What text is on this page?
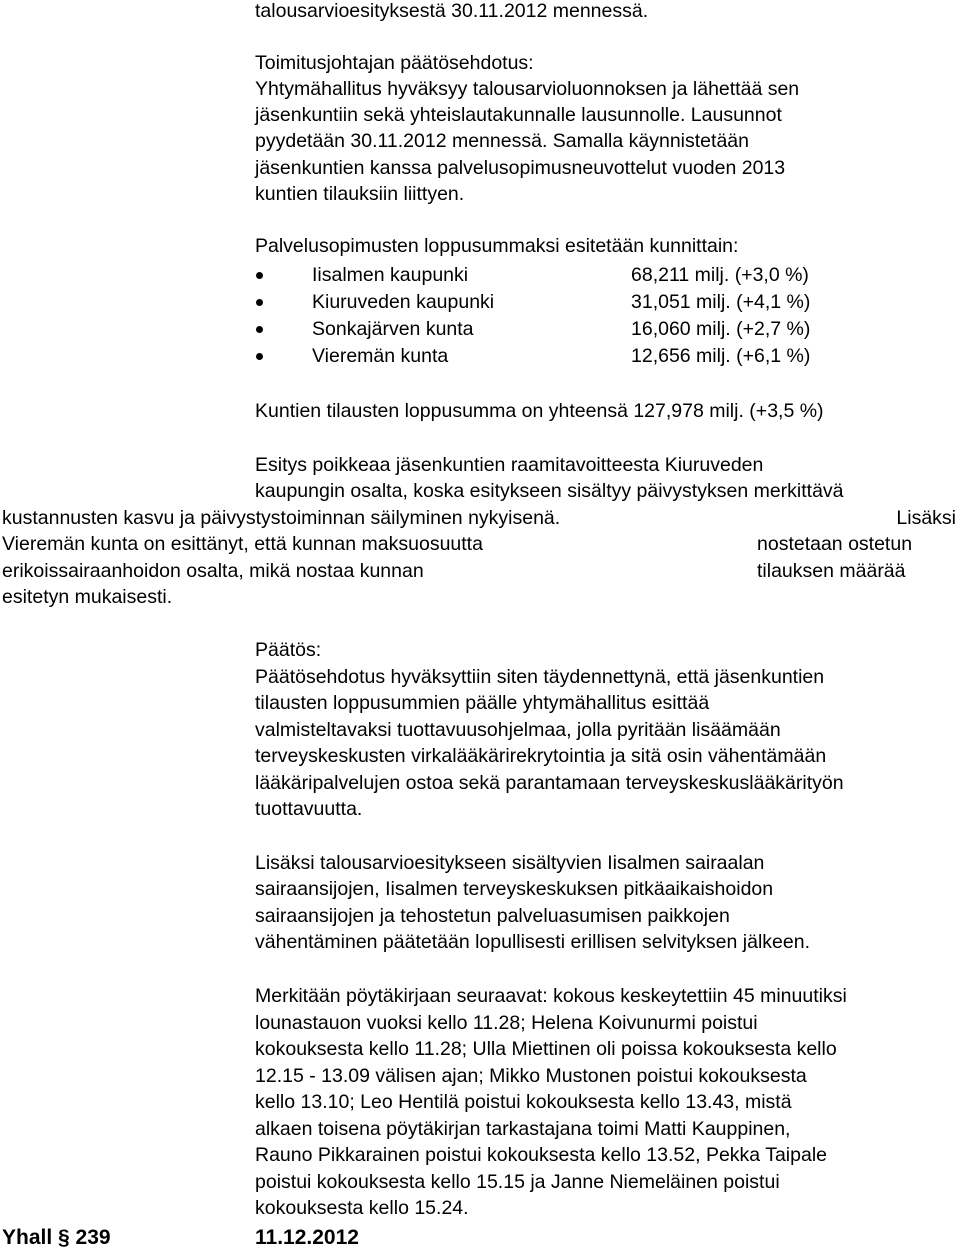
talousarvioesityksestä 30.11.2012 mennessä.
Toimitusjohtajan päätösehdotus:
Yhtymähallitus hyväksyy talousarvioluonnoksen ja lähettää sen
jäsenkuntiin sekä yhteislautakunnalle lausunnolle. Lausunnot
pyydetään 30.11.2012 mennessä. Samalla käynnistetään
jäsenkuntien kanssa palvelusopimusneuvottelut vuoden 2013
kuntien tilauksiin liittyen.
Palvelusopimusten loppusummaksi esitetään kunnittain:
Iisalmen kaupunki	68,211 milj. (+3,0 %)
Kiuruveden kaupunki	31,051 milj. (+4,1 %)
Sonkajärven kunta	16,060 milj. (+2,7 %)
Vieremän kunta	12,656 milj. (+6,1 %)
Kuntien tilausten loppusumma on yhteensä 127,978 milj. (+3,5 %)
Esitys poikkeaa jäsenkuntien raamitavoitteesta Kiuruveden
kaupungin osalta, koska esitykseen sisältyy päivystyksen merkittävä
kustannusten kasvu ja päivystystoiminnan säilyminen nykyisenä.	Lisäksi
Vieremän kunta on esittänyt, että kunnan maksuosuutta	nostetaan ostetun
erikoissairaanhoidon osalta, mikä nostaa kunnan	tilauksen määrää
esitetyn mukaisesti.
Päätös:
Päätösehdotus hyväksyttiin siten täydennettynä, että jäsenkuntien
tilausten loppusummien päälle yhtymähallitus esittää
valmisteltavaksi tuottavuusohjelmaa, jolla pyritään lisäämään
terveyskeskusten virkalääkärirekrytointia ja sitä osin vähentämään
lääkäripalvelujen ostoa sekä parantamaan terveyskeskuslääkärityön
tuottavuutta.
Lisäksi talousarvioesitykseen sisältyvien Iisalmen sairaalan
sairaansijojen, Iisalmen terveyskeskuksen pitkäaikaishoidon
sairaansijojen ja tehostetun palveluasumisen paikkojen
vähentäminen päätetään lopullisesti erillisen selvityksen jälkeen.
Merkitään pöytäkirjaan seuraavat: kokous keskeytettiin 45 minuutiksi
lounastauon vuoksi kello 11.28; Helena Koivunurmi poistui
kokouksesta kello 11.28; Ulla Miettinen oli poissa kokouksesta kello
12.15 - 13.09 välisen ajan; Mikko Mustonen poistui kokouksesta
kello 13.10; Leo Hentilä poistui kokouksesta kello 13.43, mistä
alkaen toisena pöytäkirjan tarkastajana toimi Matti Kauppinen,
Rauno Pikkarainen poistui kokouksesta kello 13.52, Pekka Taipale
poistui kokouksesta kello 15.15 ja Janne Niemeläinen poistui
kokouksesta kello 15.24.
Yhall § 239	11.12.2012
